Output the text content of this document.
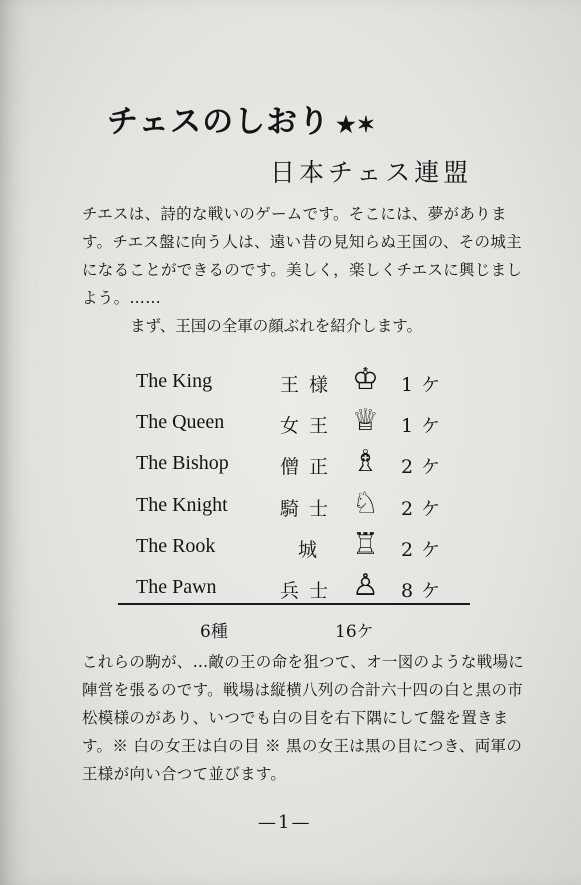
チェスのしおり ★✶
日本チェス連盟
チエスは、詩的な戦いのゲームです。そこには、夢があります。チエス盤に向う人は、遠い昔の見知らぬ王国の、その城主になることができるのです。美しく，楽しくチエスに興じましよう。……
まず、王国の全軍の顔ぶれを紹介します。
The King	王様 ♔ 1ケ
The Queen	女王 ♕ 1ケ
The Bishop	僧正 ♗ 2ケ
The Knight	騎士 ♘ 2ケ
The Rook	城 ♖ 2ケ
The Pawn	兵士 ♙ 8ケ
6種	16ケ
これらの駒が、…敵の王の命を狙つて、オ一図のような戦場に陣営を張るのです。戦場は縦横八列の合計六十四の白と黒の市松模様のがあり、いつでも白の目を右下隅にして盤を置きます。※ 白の女王は白の目 ※ 黒の女王は黒の目につき、両軍の王様が向い合つて並びます。
—1—
